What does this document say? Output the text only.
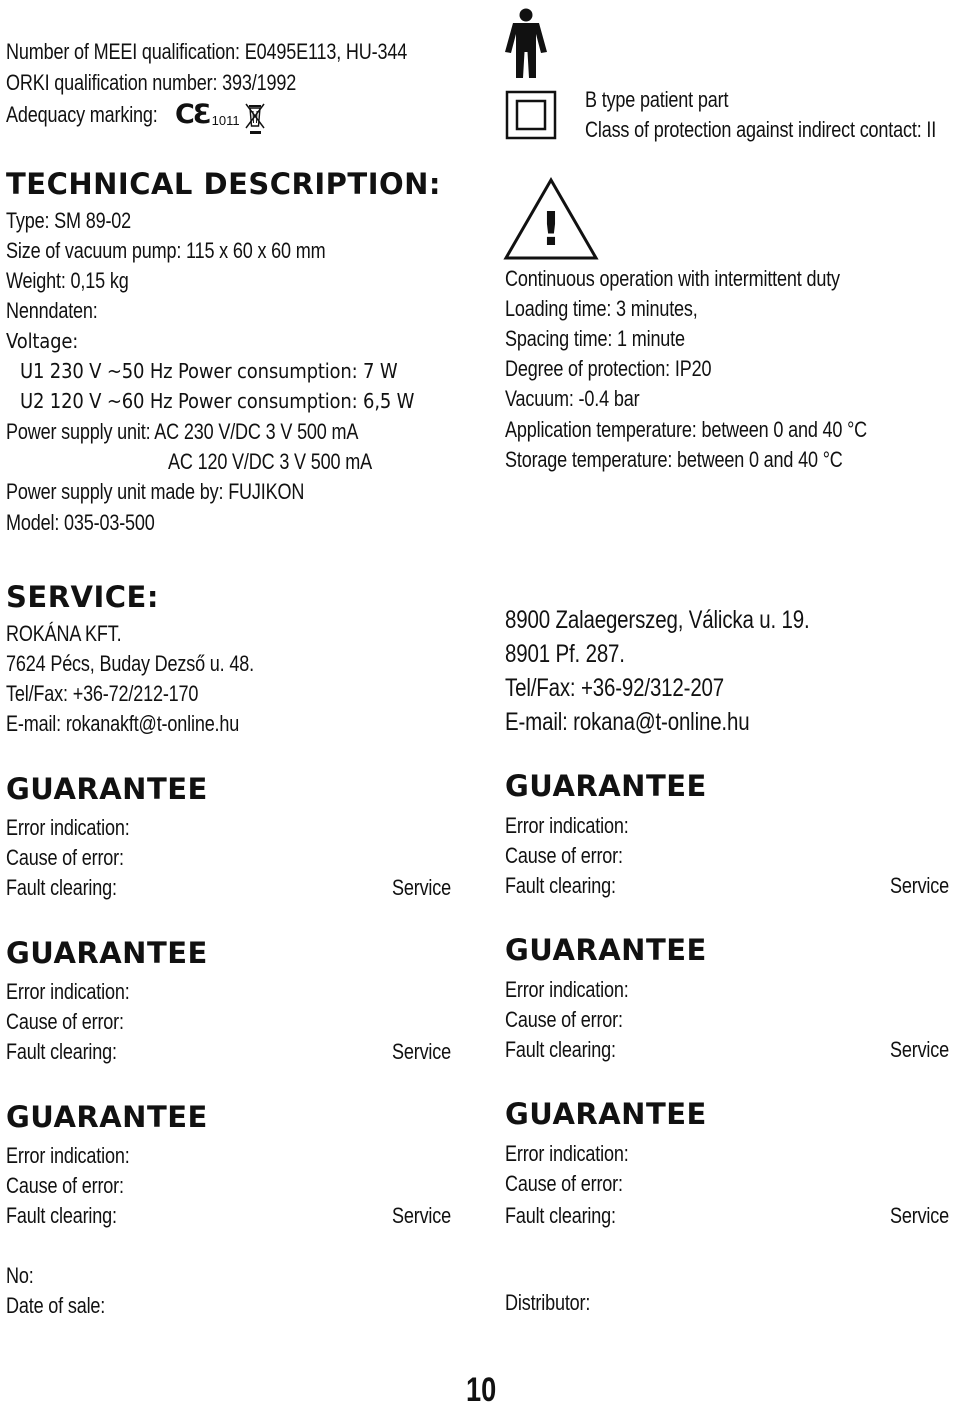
Number of MEEI qualification: E0495E113, HU-344
ORKI qualification number: 393/1992
Adequacy marking: CƐ 1011
TECHNICAL DESCRIPTION:
Type: SM 89-02
Size of vacuum pump: 115 x 60 x 60 mm
Weight: 0,15 kg
Nenndaten:
Voltage:
U1 230 V ~50 Hz Power consumption: 7 W
U2 120 V ~60 Hz Power consumption: 6,5 W
Power supply unit: AC 230 V/DC 3 V 500 mA
AC 120 V/DC 3 V 500 mA
Power supply unit made by: FUJIKON
Model: 035-03-500
B type patient part
Class of protection against indirect contact: II
!
Continuous operation with intermittent duty
Loading time: 3 minutes,
Spacing time: 1 minute
Degree of protection: IP20
Vacuum: -0.4 bar
Application temperature: between 0 and 40 °C
Storage temperature: between 0 and 40 °C
SERVICE:
ROKÁNA KFT.
7624 Pécs, Buday Dezső u. 48.
Tel/Fax: +36-72/212-170
E-mail: rokanakft@t-online.hu
8900 Zalaegerszeg, Válicka u. 19.
8901 Pf. 287.
Tel/Fax: +36-92/312-207
E-mail: rokana@t-online.hu
GUARANTEE
Error indication:
Cause of error:
Fault clearing:	Service
GUARANTEE
Error indication:
Cause of error:
Fault clearing:	Service
GUARANTEE
Error indication:
Cause of error:
Fault clearing:	Service
GUARANTEE
Error indication:
Cause of error:
Fault clearing:	Service
GUARANTEE
Error indication:
Cause of error:
Fault clearing:	Service
GUARANTEE
Error indication:
Cause of error:
Fault clearing:	Service
No:
Date of sale:	Distributor:
10
